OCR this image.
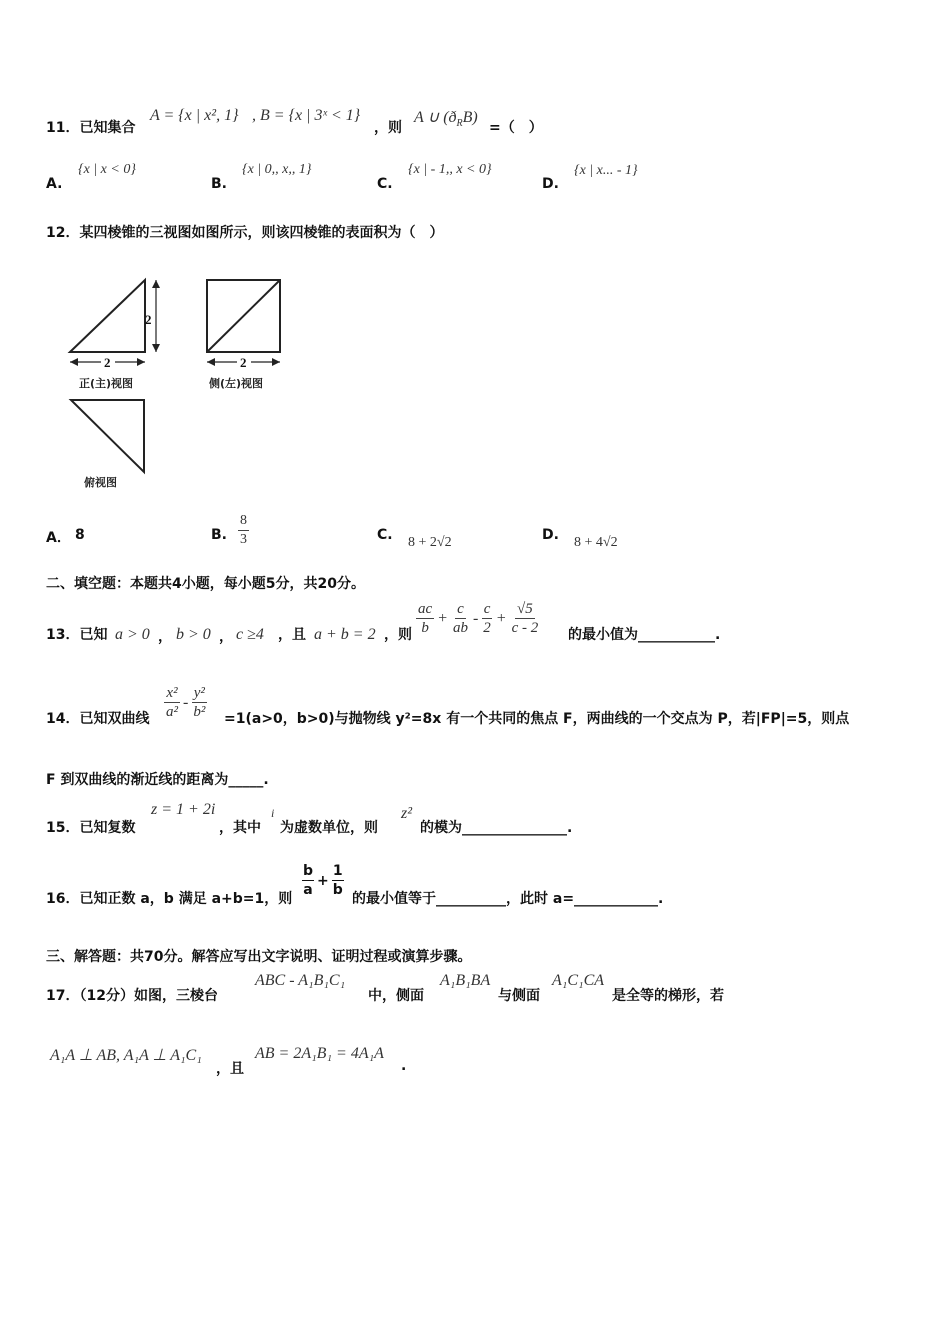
11．已知集合
A = {x | x², 1} , B = {x | 3ˣ < 1}
，则
A ∪ $(ð_RB)$
=（　）
A.
{x | x < 0}
B.
{x | 0,, x,, 1}
C.
{x | - 1,, x < 0}
D.
{x | x... - 1}
12．某四棱锥的三视图如图所示，则该四棱锥的表面积为（　）
2
2	2
正(主)视图	侧(左)视图
俯视图
A． 8	B. $\frac{8}{3}$	C. 8 + 2√2	D. 8 + 4√2
二、填空题：本题共4小题，每小题5分，共20分。
13．已知 a > 0 ， b > 0 ， c ≥4 ，且 a + b = 2 ，则 $\frac{ac}{b} + \frac{c}{ab} - \frac{c}{2} + \frac{√5}{c - 2}$ 的最小值为___________.
14．已知双曲线 $\frac{\text{x²}}{\text{a²}} - \frac{\text{y²}}{\text{b²}} =1(a>0$，b>0)与抛物线 y²=8x 有一个共同的焦点 F，两曲线的一个交点为 P，若|FP|=5，则点
F 到双曲线的渐近线的距离为_____.
15．已知复数
z = 1 + 2i
，其中
i
为虚数单位，则
z²
的模为_______________.
16．已知正数 a，b 满足 a+b=1，则 $\frac{b}{a} + \frac{1}{b}$ 的最小值等于__________，此时 a=____________.
三、解答题：共70分。解答应写出文字说明、证明过程或演算步骤。
17．（12分）如图，三棱台
ABC - A₁B₁C₁
中，侧面
A₁B₁BA
与侧面
A₁C₁CA
是全等的梯形，若
A₁A ⊥ AB, A₁A ⊥ A₁C₁
，且
AB = 2A₁B₁ = 4A₁A
.
